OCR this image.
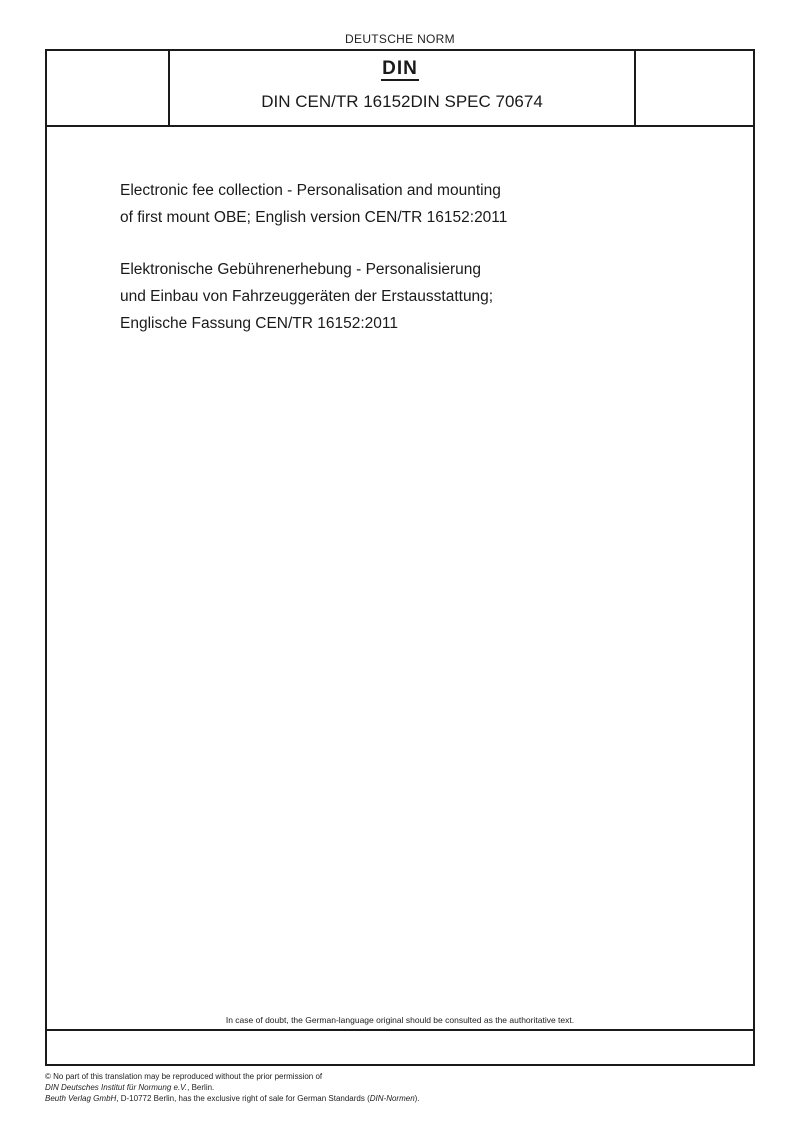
DEUTSCHE NORM
DIN
DIN CEN/TR 16152DIN SPEC 70674
Electronic fee collection - Personalisation and mounting
of first mount OBE; English version CEN/TR 16152:2011
Elektronische Gebührenerhebung - Personalisierung
und Einbau von Fahrzeuggeräten der Erstausstattung;
Englische Fassung CEN/TR 16152:2011
In case of doubt, the German-language original should be consulted as the authoritative text.
© No part of this translation may be reproduced without the prior permission of
DIN Deutsches Institut für Normung e.V., Berlin.
Beuth Verlag GmbH, D-10772 Berlin, has the exclusive right of sale for German Standards (DIN-Normen).
